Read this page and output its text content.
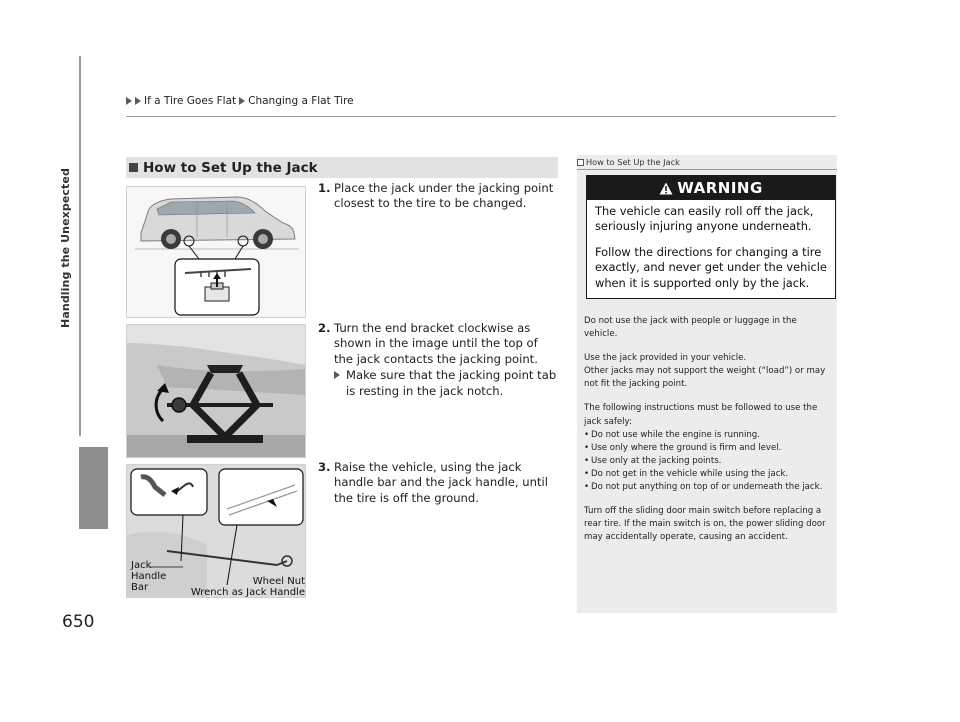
If a Tire Goes Flat Changing a Flat Tire
Handling the Unexpected
650
How to Set Up the Jack
Jack
Handle
Bar
Wheel Nut
Wrench as Jack Handle
1. Place the jack under the jacking point closest to the tire to be changed.
2. Turn the end bracket clockwise as shown in the image until the top of the jack contacts the jacking point.
Make sure that the jacking point tab is resting in the jack notch.
3. Raise the vehicle, using the jack handle bar and the jack handle, until the tire is off the ground.
How to Set Up the Jack
WARNING

The vehicle can easily roll off the jack, seriously injuring anyone underneath.

Follow the directions for changing a tire exactly, and never get under the vehicle when it is supported only by the jack.

Do not use the jack with people or luggage in the vehicle.

Use the jack provided in your vehicle.
Other jacks may not support the weight (“load”) or may not fit the jacking point.

The following instructions must be followed to use the jack safely:

• Do not use while the engine is running.
• Use only where the ground is firm and level.
• Use only at the jacking points.
• Do not get in the vehicle while using the jack.
• Do not put anything on top of or underneath the jack.

Turn off the sliding door main switch before replacing a rear tire. If the main switch is on, the power sliding door may accidentally operate, causing an accident.
